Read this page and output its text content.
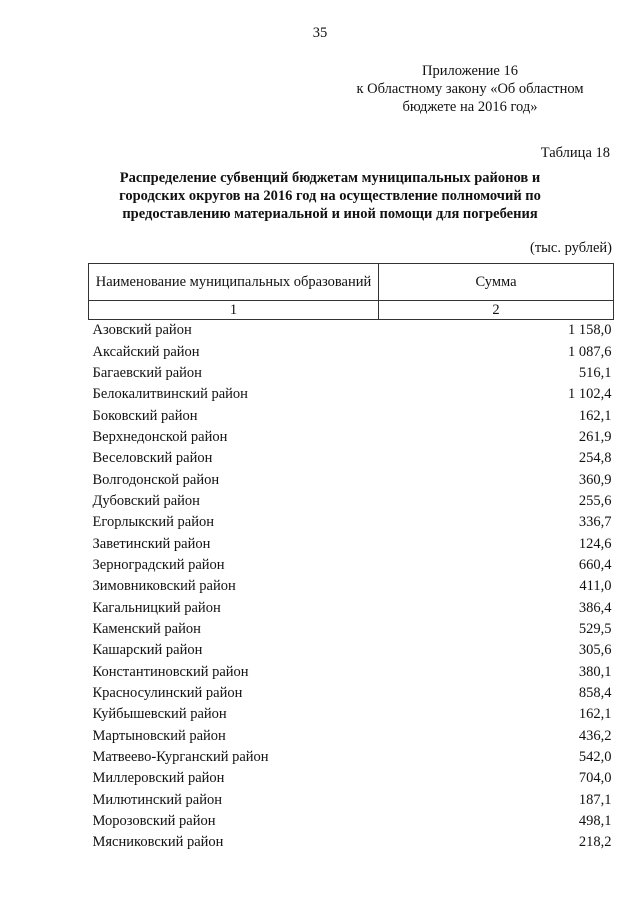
35
Приложение 16
к Областному закону «Об областном
бюджете на 2016 год»
Таблица 18
Распределение субвенций бюджетам муниципальных районов и городских округов на 2016 год на осуществление полномочий по предоставлению материальной и иной помощи для погребения
(тыс. рублей)
Наименование муниципальных образований	Сумма
1	2
Азовский район	1 158,0
Аксайский район	1 087,6
Багаевский район	516,1
Белокалитвинский район	1 102,4
Боковский район	162,1
Верхнедонской район	261,9
Веселовский район	254,8
Волгодонской район	360,9
Дубовский район	255,6
Егорлыкский район	336,7
Заветинский район	124,6
Зерноградский район	660,4
Зимовниковский район	411,0
Кагальницкий район	386,4
Каменский район	529,5
Кашарский район	305,6
Константиновский район	380,1
Красносулинский район	858,4
Куйбышевский район	162,1
Мартыновский район	436,2
Матвеево-Курганский район	542,0
Миллеровский район	704,0
Милютинский район	187,1
Морозовский район	498,1
Мясниковский район	218,2
